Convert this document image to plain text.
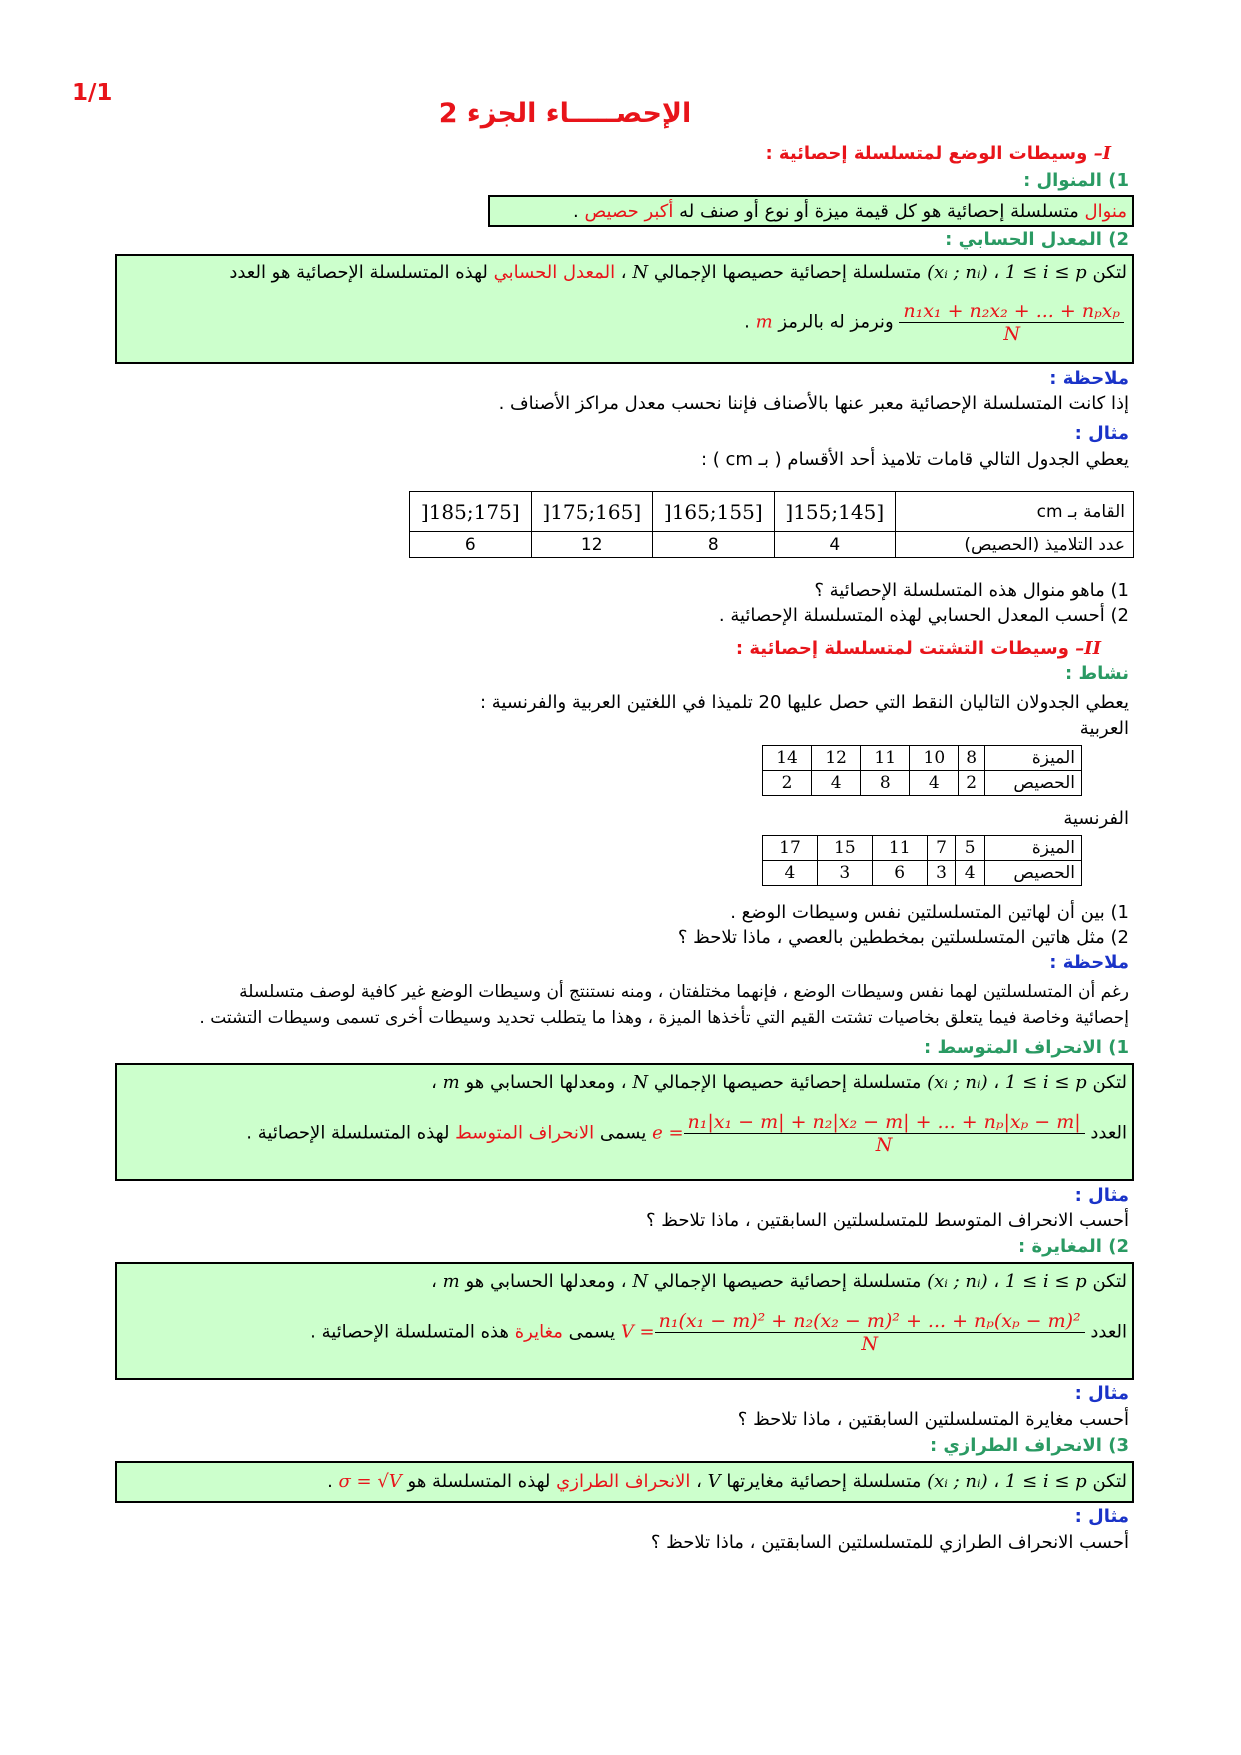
1/1
الإحصـــــاء الجزء 2
I– وسيطات الوضع لمتسلسلة إحصائية :
1) المنوال :
منوال متسلسلة إحصائية هو كل قيمة ميزة أو نوع أو صنف له أكبر حصيص .
2) المعدل الحسابي :
لتكن (xᵢ ; nᵢ) ، 1 ≤ i ≤ p متسلسلة إحصائية حصيصها الإجمالي N ، المعدل الحسابي لهذه المتسلسلة الإحصائية هو العدد
$\frac{\text{n₁x₁ + n₂x₂ + ... + nₚxₚ}}{N}$
ونرمز له بالرمز m .
ملاحظة :
إذا كانت المتسلسلة الإحصائية معبر عنها بالأصناف فإننا نحسب معدل مراكز الأصناف .
مثال :
يعطي الجدول التالي قامات تلاميذ أحد الأقسام ( بـ cm ) :
القامة بـ cm	[145;155[	[155;165[	[165;175[	[175;185[
عدد التلاميذ (الحصيص)	4	8	12	6
1) ماهو منوال هذه المتسلسلة الإحصائية ؟
2) أحسب المعدل الحسابي لهذه المتسلسلة الإحصائية .
II– وسيطات التشتت لمتسلسلة إحصائية :
نشاط :
يعطي الجدولان التاليان النقط التي حصل عليها 20 تلميذا في اللغتين العربية والفرنسية :
العربية
الميزة	8	10	11	12	14
الحصيص	2	4	8	4	2
الفرنسية
الميزة	5	7	11	15	17
الحصيص	4	3	6	3	4
1) بين أن لهاتين المتسلسلتين نفس وسيطات الوضع .
2) مثل هاتين المتسلسلتين بمخططين بالعصي ، ماذا تلاحظ ؟
ملاحظة :
رغم أن المتسلسلتين لهما نفس وسيطات الوضع ، فإنهما مختلفتان ، ومنه نستنتج أن وسيطات الوضع غير كافية لوصف متسلسلة
إحصائية وخاصة فيما يتعلق بخاصيات تشتت القيم التي تأخذها الميزة ، وهذا ما يتطلب تحديد وسيطات أخرى تسمى وسيطات التشتت .
1) الانحراف المتوسط :
لتكن (xᵢ ; nᵢ) ، 1 ≤ i ≤ p متسلسلة إحصائية حصيصها الإجمالي N ، ومعدلها الحسابي هو m ،
العدد
$\frac{\text{n₁|x₁ − m| + n₂|x₂ − m| + ... + nₚ|xₚ − m|}}{N}$
e = يسمى الانحراف المتوسط لهذه المتسلسلة الإحصائية .
مثال :
أحسب الانحراف المتوسط للمتسلسلتين السابقتين ، ماذا تلاحظ ؟
2) المغايرة :
لتكن (xᵢ ; nᵢ) ، 1 ≤ i ≤ p متسلسلة إحصائية حصيصها الإجمالي N ، ومعدلها الحسابي هو m ،
العدد
$\frac{\text{n₁(x₁ − m)² + n₂(x₂ − m)² + ... + nₚ(xₚ − m)²}}{N}$
V = يسمى مغايرة هذه المتسلسلة الإحصائية .
مثال :
أحسب مغايرة المتسلسلتين السابقتين ، ماذا تلاحظ ؟
3) الانحراف الطرازي :
لتكن (xᵢ ; nᵢ) ، 1 ≤ i ≤ p متسلسلة إحصائية مغايرتها V ، الانحراف الطرازي لهذه المتسلسلة هو σ = √V .
مثال :
أحسب الانحراف الطرازي للمتسلسلتين السابقتين ، ماذا تلاحظ ؟
